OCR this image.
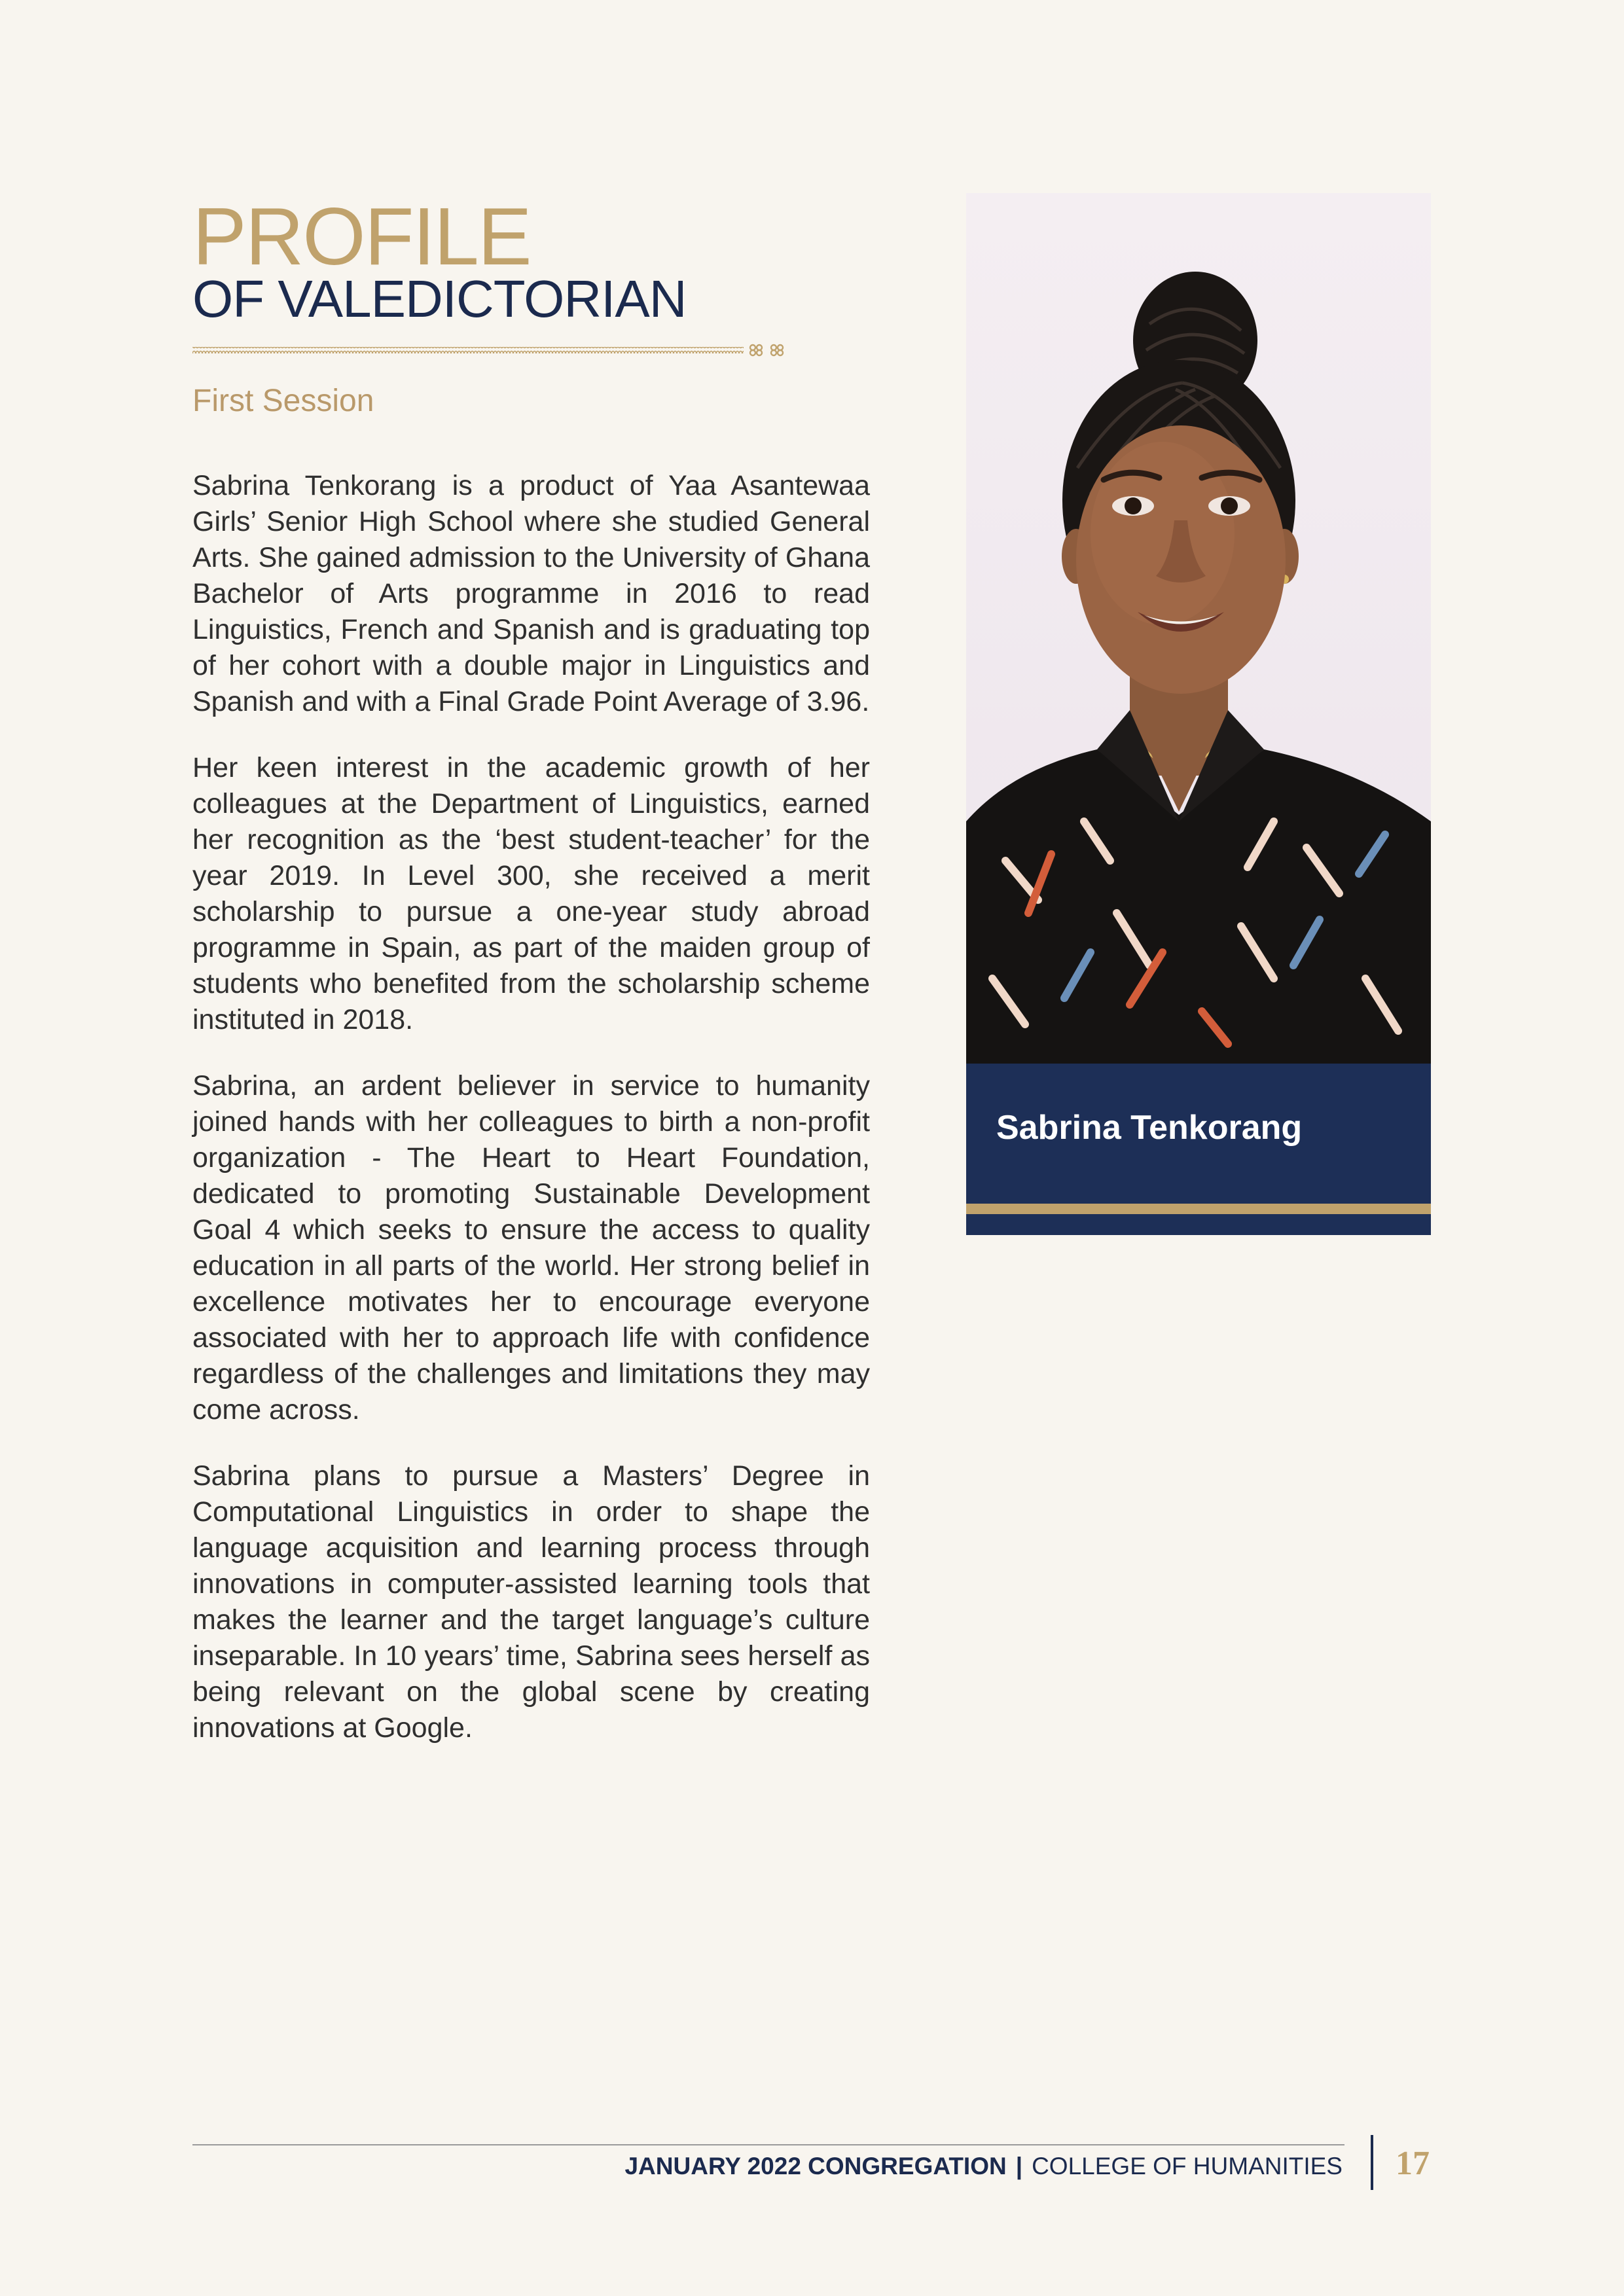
PROFILE
OF VALEDICTORIAN
First Session

Sabrina Tenkorang is a product of Yaa Asantewaa Girls’ Senior High School where she studied General Arts. She gained admission to the University of Ghana Bachelor of Arts programme in 2016 to read Linguistics, French and Spanish and is graduating top of her cohort with a double major in Linguistics and Spanish and with a Final Grade Point Average of 3.96.

Her keen interest in the academic growth of her colleagues at the Department of Linguistics, earned her recognition as the ‘best student-teacher’ for the year 2019. In Level 300, she received a merit scholarship to pursue a one-year study abroad programme in Spain, as part of the maiden group of students who benefited from the scholarship scheme instituted in 2018.

Sabrina, an ardent believer in service to humanity joined hands with her colleagues to birth a non-profit organization - The Heart to Heart Foundation, dedicated to promoting Sustainable Development Goal 4 which seeks to ensure the access to quality education in all parts of the world. Her strong belief in excellence motivates her to encourage everyone associated with her to approach life with confidence regardless of the challenges and limitations they may come across.

Sabrina plans to pursue a Masters’ Degree in Computational Linguistics in order to shape the language acquisition and learning process through innovations in computer-assisted learning tools that makes the learner and the target language’s culture inseparable. In 10 years’ time, Sabrina sees herself as being relevant on the global scene by creating innovations at Google.

Sabrina Tenkorang
JANUARY 2022 CONGREGATION | COLLEGE OF HUMANITIES 17
